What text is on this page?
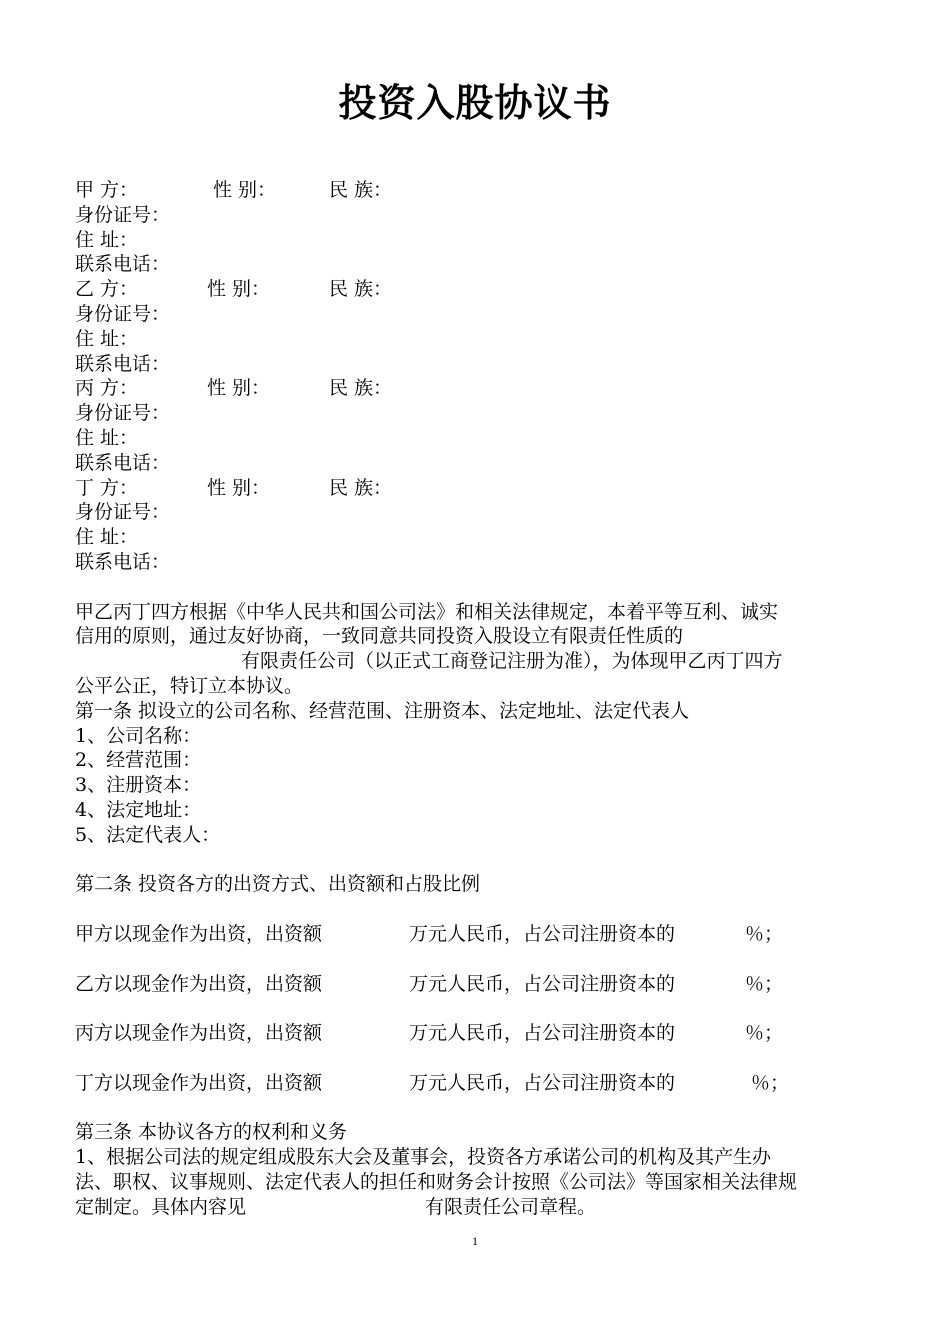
投资入股协议书
甲 方：	性 别：	民 族：
身份证号：
住 址：
联系电话：
乙 方：	性 别：	民 族：
身份证号：
住 址：
联系电话：
丙 方：	性 别：	民 族：
身份证号：
住 址：
联系电话：
丁 方：	性 别：	民 族：
身份证号：
住 址：
联系电话：
甲乙丙丁四方根据《中华人民共和国公司法》和相关法律规定，本着平等互利、诚实
信用的原则，通过友好协商，一致同意共同投资入股设立有限责任性质的
有限责任公司（以正式工商登记注册为准），为体现甲乙丙丁四方
公平公正，特订立本协议。
第一条 拟设立的公司名称、经营范围、注册资本、法定地址、法定代表人
1、公司名称：
2、经营范围：
3、注册资本：
4、法定地址：
5、法定代表人：
第二条 投资各方的出资方式、出资额和占股比例
甲方以现金作为出资，出资额	万元人民币，占公司注册资本的	％；
乙方以现金作为出资，出资额	万元人民币，占公司注册资本的	％；
丙方以现金作为出资，出资额	万元人民币，占公司注册资本的	％；
丁方以现金作为出资，出资额	万元人民币，占公司注册资本的	％；
第三条 本协议各方的权利和义务
1、根据公司法的规定组成股东大会及董事会，投资各方承诺公司的机构及其产生办
法、职权、议事规则、法定代表人的担任和财务会计按照《公司法》等国家相关法律规
定制定。具体内容见	有限责任公司章程。
1
